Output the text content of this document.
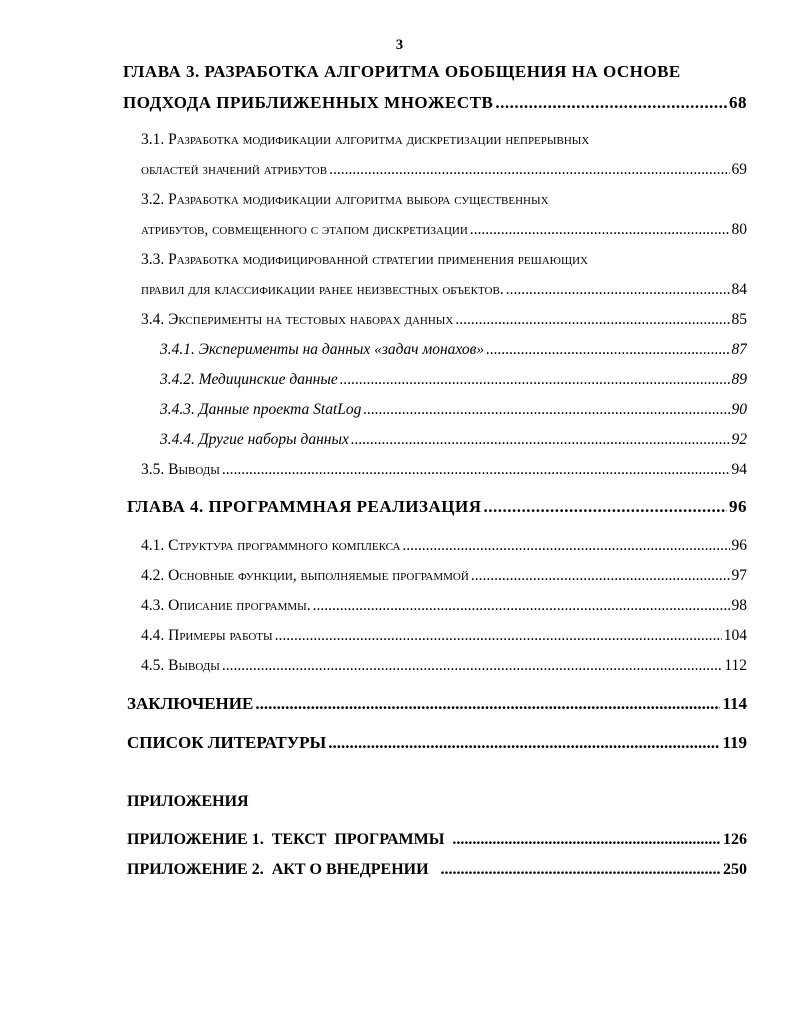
3
ГЛАВА 3. РАЗРАБОТКА АЛГОРИТМА ОБОБЩЕНИЯ НА ОСНОВЕ
ПОДХОДА ПРИБЛИЖЕННЫХ МНОЖЕСТВ .....	68
3.1. Разработка модификации алгоритма дискретизации непрерывных
областей значений атрибутов .....	69
3.2. Разработка модификации алгоритма выбора существенных
атрибутов, совмещенного с этапом дискретизации .....	80
3.3. Разработка модифицированной стратегии применения решающих
правил для классификации ранее неизвестных объектов. .....	84
3.4. Эксперименты на тестовых наборах данных .....	85
3.4.1. Эксперименты на данных «задач монахов» .....	87
3.4.2. Медицинские данные .....	89
3.4.3. Данные проекта StatLog .....	90
3.4.4. Другие наборы данных .....	92
3.5. Выводы .....	94
ГЛАВА 4. ПРОГРАММНАЯ РЕАЛИЗАЦИЯ .....	96
4.1. Структура программного комплекса .....	96
4.2. Основные функции, выполняемые программой .....	97
4.3. Описание программы. .....	98
4.4. Примеры работы .....	104
4.5. Выводы .....	112
ЗАКЛЮЧЕНИЕ .....	114
СПИСОК ЛИТЕРАТУРЫ .....	119
ПРИЛОЖЕНИЯ
ПРИЛОЖЕНИЕ 1.  ТЕКСТ  ПРОГРАММЫ .....	126
ПРИЛОЖЕНИЕ 2.  АКТ О ВНЕДРЕНИИ .....	250
